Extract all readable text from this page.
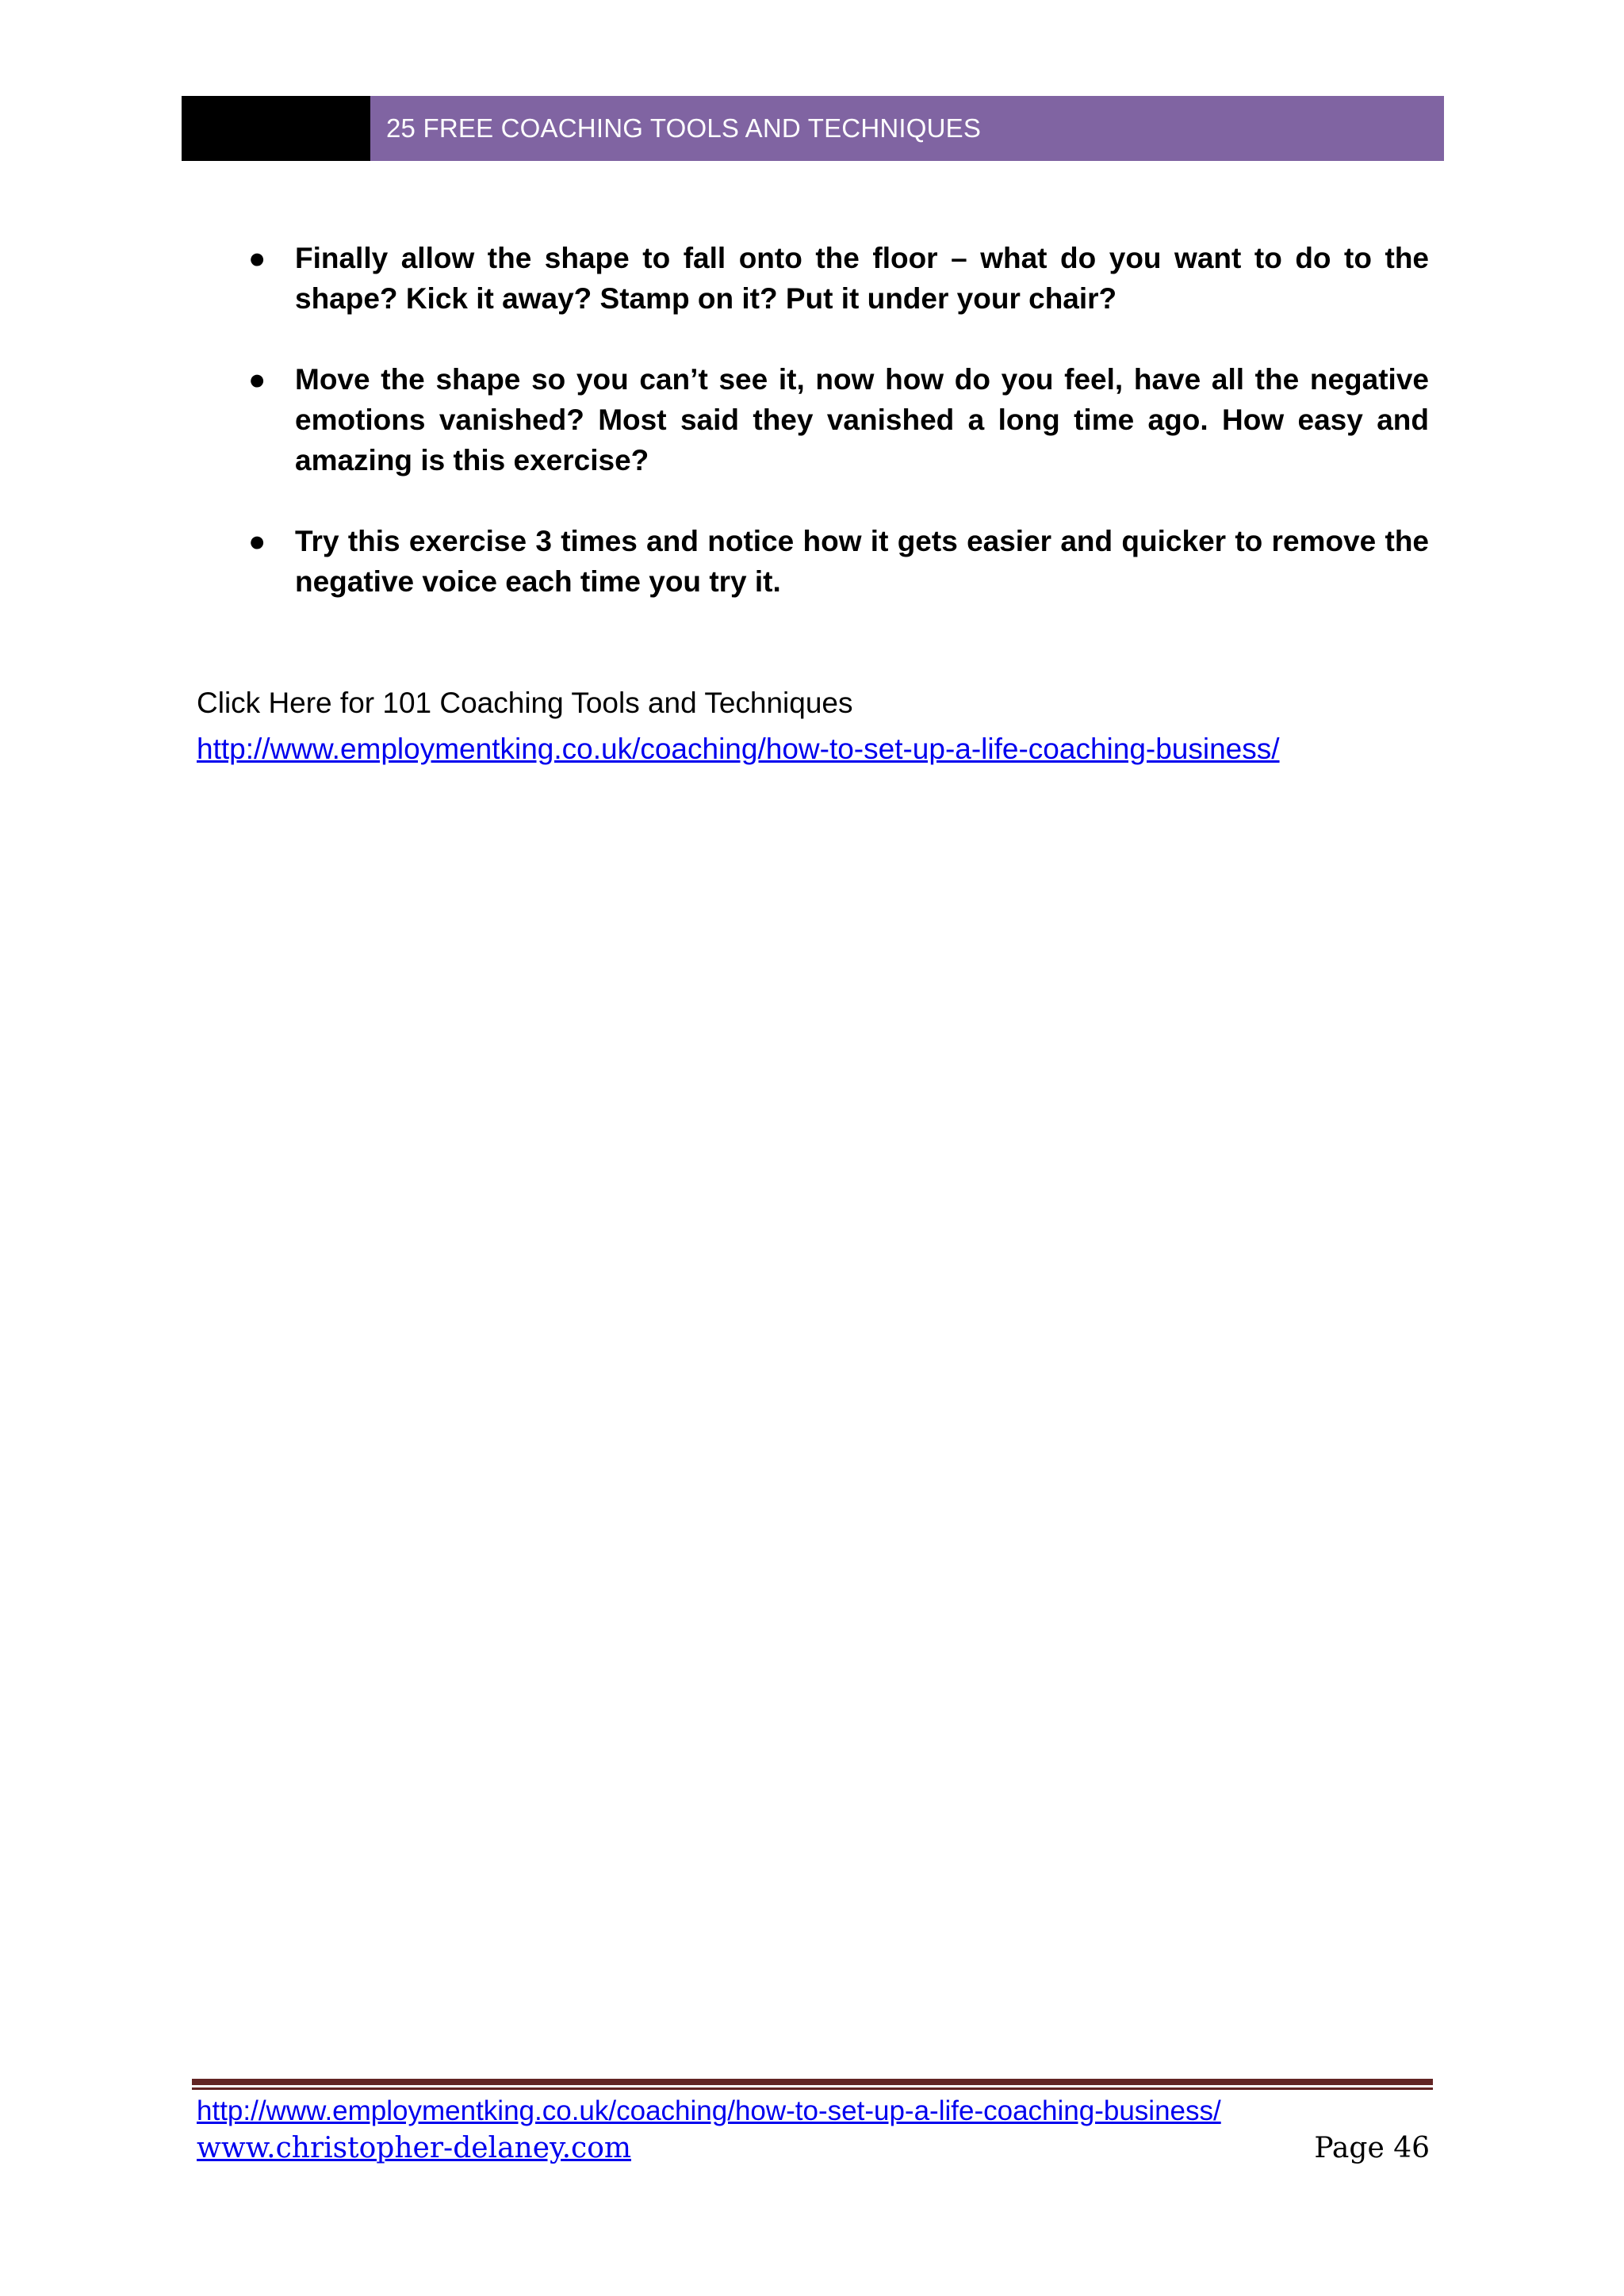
25 FREE COACHING TOOLS AND TECHNIQUES
● Finally allow the shape to fall onto the floor – what do you want to do to the shape? Kick it away? Stamp on it? Put it under your chair?
● Move the shape so you can’t see it, now how do you feel, have all the negative emotions vanished? Most said they vanished a long time ago. How easy and amazing is this exercise?
● Try this exercise 3 times and notice how it gets easier and quicker to remove the negative voice each time you try it.
Click Here for 101 Coaching Tools and Techniques
http://www.employmentking.co.uk/coaching/how-to-set-up-a-life-coaching-business/
http://www.employmentking.co.uk/coaching/how-to-set-up-a-life-coaching-business/
www.christopher-delaney.com	Page 46
